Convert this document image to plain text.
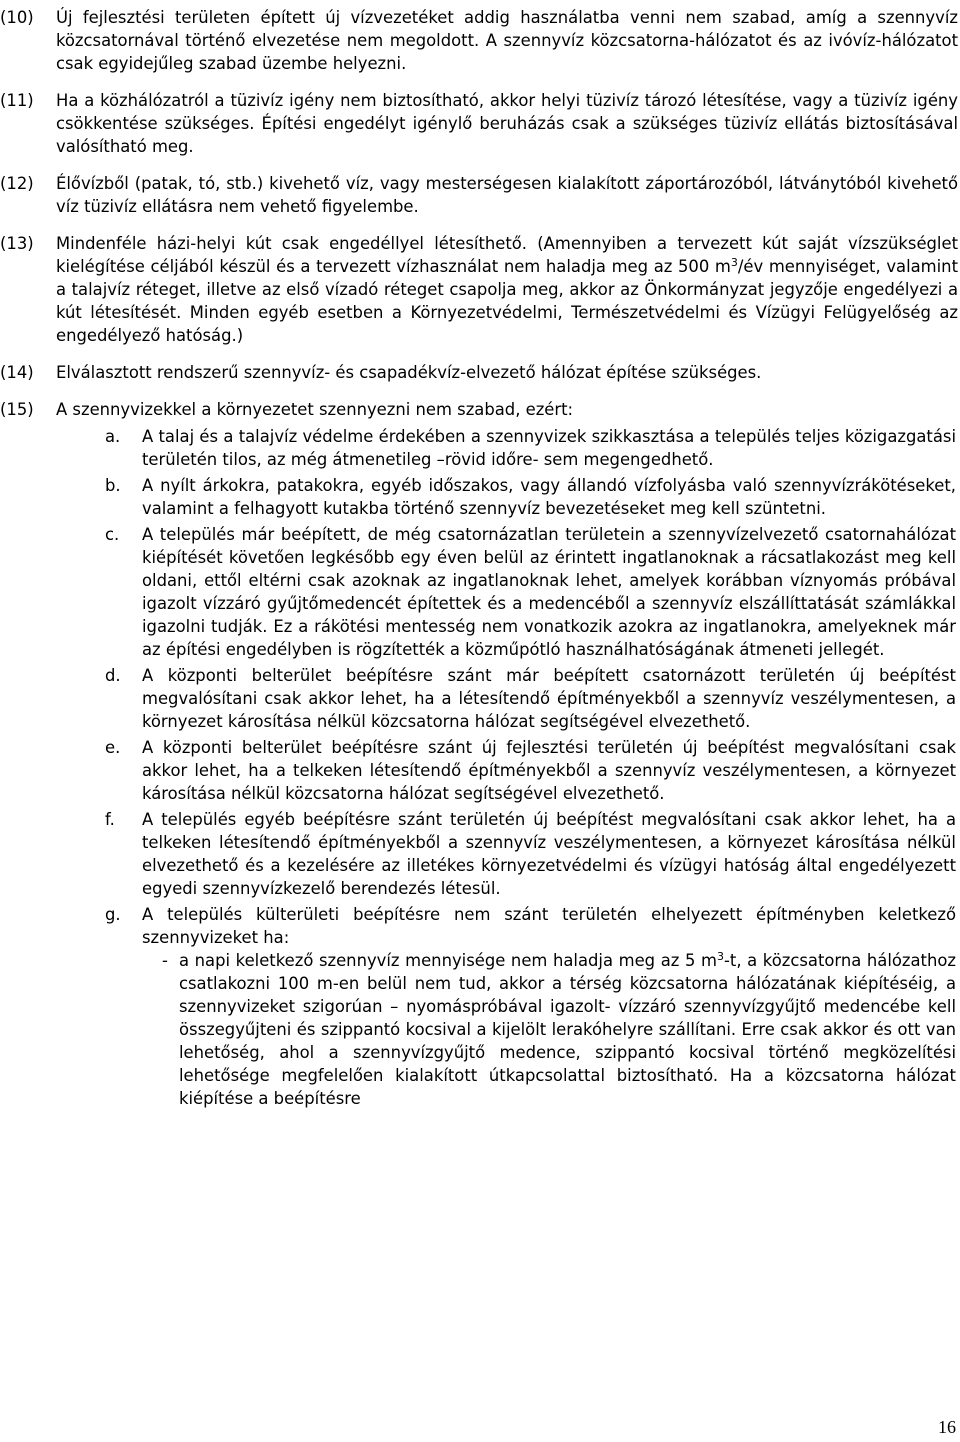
(10)	Új fejlesztési területen épített új vízvezetéket addig használatba venni nem szabad, amíg a szennyvíz közcsatornával történő elvezetése nem megoldott. A szennyvíz közcsatorna-hálózatot és az ivóvíz-hálózatot csak egyidejűleg szabad üzembe helyezni.
(11)	Ha a közhálózatról a tüzivíz igény nem biztosítható, akkor helyi tüzivíz tározó létesítése, vagy a tüzivíz igény csökkentése szükséges. Építési engedélyt igénylő beruházás csak a szükséges tüzivíz ellátás biztosításával valósítható meg.
(12)	Élővízből (patak, tó, stb.) kivehető víz, vagy mesterségesen kialakított záportározóból, látványtóból kivehető víz tüzivíz ellátásra nem vehető figyelembe.
(13)	Mindenféle házi-helyi kút csak engedéllyel létesíthető. (Amennyiben a tervezett kút saját vízszükséglet kielégítése céljából készül és a tervezett vízhasználat nem haladja meg az 500 $m^3/év$ mennyiséget, valamint a talajvíz réteget, illetve az első vízadó réteget csapolja meg, akkor az Önkormányzat jegyzője engedélyezi a kút létesítését. Minden egyéb esetben a Környezetvédelmi, Természetvédelmi és Vízügyi Felügyelőség az engedélyező hatóság.)
(14)	Elválasztott rendszerű szennyvíz- és csapadékvíz-elvezető hálózat építése szükséges.
(15)	A szennyvizekkel a környezetet szennyezni nem szabad, ezért:
a.	A talaj és a talajvíz védelme érdekében a szennyvizek szikkasztása a település teljes közigazgatási területén tilos, az még átmenetileg –rövid időre- sem megengedhető.
b.	A nyílt árkokra, patakokra, egyéb időszakos, vagy állandó vízfolyásba való szennyvízrákötéseket, valamint a felhagyott kutakba történő szennyvíz bevezetéseket meg kell szüntetni.
c.	A település már beépített, de még csatornázatlan területein a szennyvízelvezető csatornahálózat kiépítését követően legkésőbb egy éven belül az érintett ingatlanoknak a rácsatlakozást meg kell oldani, ettől eltérni csak azoknak az ingatlanoknak lehet, amelyek korábban víznyomás próbával igazolt vízzáró gyűjtőmedencét építettek és a medencéből a szennyvíz elszállíttatását számlákkal igazolni tudják. Ez a rákötési mentesség nem vonatkozik azokra az ingatlanokra, amelyeknek már az építési engedélyben is rögzítették a közműpótló használhatóságának átmeneti jellegét.
d.	A központi belterület beépítésre szánt már beépített csatornázott területén új beépítést megvalósítani csak akkor lehet, ha a létesítendő építményekből a szennyvíz veszélymentesen, a környezet károsítása nélkül közcsatorna hálózat segítségével elvezethető.
e.	A központi belterület beépítésre szánt új fejlesztési területén új beépítést megvalósítani csak akkor lehet, ha a telkeken létesítendő építményekből a szennyvíz veszélymentesen, a környezet károsítása nélkül közcsatorna hálózat segítségével elvezethető.
f.	A település egyéb beépítésre szánt területén új beépítést megvalósítani csak akkor lehet, ha a telkeken létesítendő építményekből a szennyvíz veszélymentesen, a környezet károsítása nélkül elvezethető és a kezelésére az illetékes környezetvédelmi és vízügyi hatóság által engedélyezett egyedi szennyvízkezelő berendezés létesül.
g.	A település külterületi beépítésre nem szánt területén elhelyezett építményben keletkező szennyvizeket ha:
- a napi keletkező szennyvíz mennyisége nem haladja meg az 5 $m^3-t$, a közcsatorna hálózathoz csatlakozni 100 m-en belül nem tud, akkor a térség közcsatorna hálózatának kiépítéséig, a szennyvizeket szigorúan – nyomáspróbával igazolt- vízzáró szennyvízgyűjtő medencébe kell összegyűjteni és szippantó kocsival a kijelölt lerakóhelyre szállítani. Erre csak akkor és ott van lehetőség, ahol a szennyvízgyűjtő medence, szippantó kocsival történő megközelítési lehetősége megfelelően kialakított útkapcsolattal biztosítható. Ha a közcsatorna hálózat kiépítése a beépítésre
16
